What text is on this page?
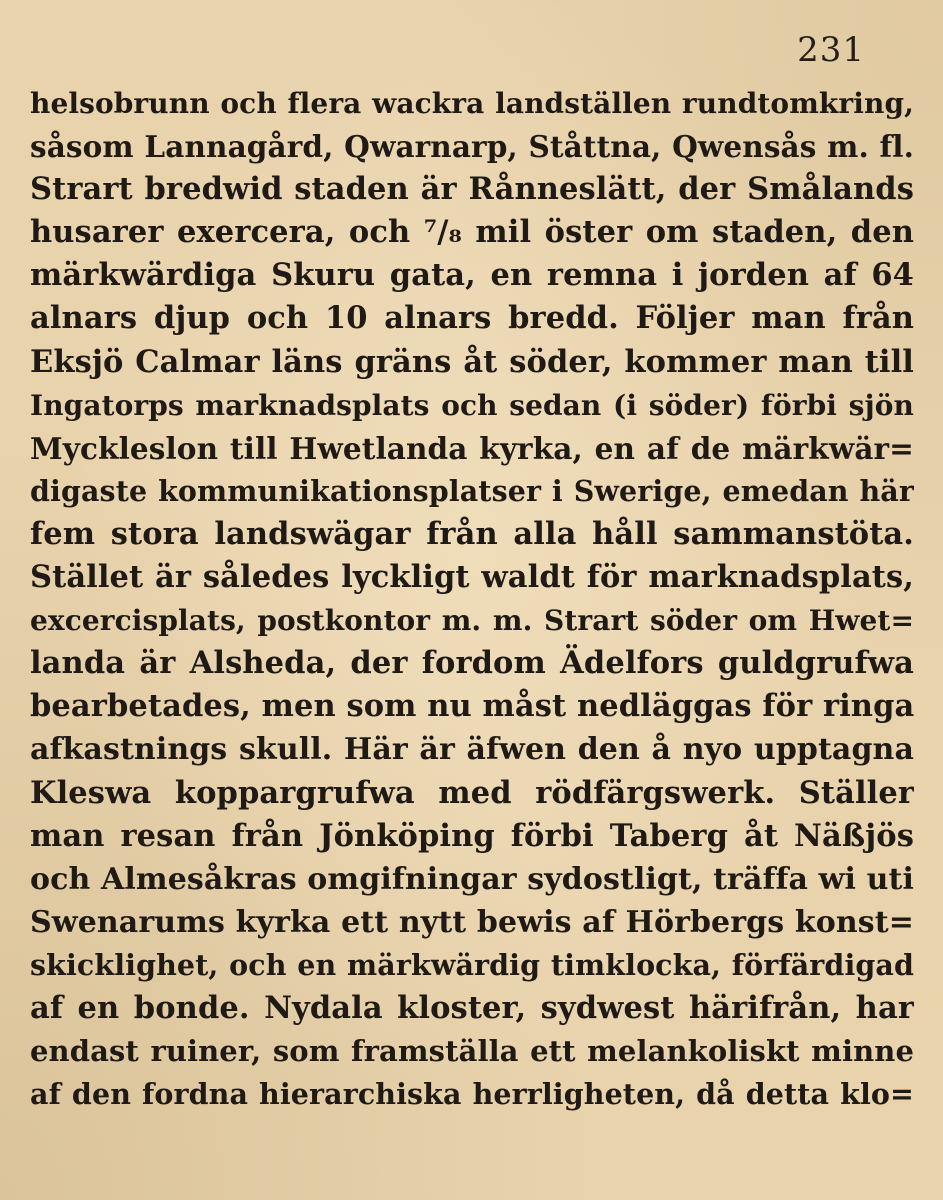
231
helsobrunn och flera wackra landställen rundtomkring,
såsom Lannagård, Qwarnarp, Ståttna, Qwensås m. fl.
Strart bredwid staden är Rånneslätt, der Smålands
husarer exercera, och ⁷/₈ mil öster om staden, den
märkwärdiga Skuru gata, en remna i jorden af 64
alnars djup och 10 alnars bredd. Följer man från
Eksjö Calmar läns gräns åt söder, kommer man till
Ingatorps marknadsplats och sedan (i söder) förbi sjön
Myckleslon till Hwetlanda kyrka, en af de märkwär=
digaste kommunikationsplatser i Swerige, emedan här
fem stora landswägar från alla håll sammanstöta.
Stället är således lyckligt waldt för marknadsplats,
excercisplats, postkontor m. m. Strart söder om Hwet=
landa är Alsheda, der fordom Ädelfors guldgrufwa
bearbetades, men som nu måst nedläggas för ringa
afkastnings skull. Här är äfwen den å nyo upptagna
Kleswa koppargrufwa med rödfärgswerk. Ställer
man resan från Jönköping förbi Taberg åt Näßjös
och Almesåkras omgifningar sydostligt, träffa wi uti
Swenarums kyrka ett nytt bewis af Hörbergs konst=
skicklighet, och en märkwärdig timklocka, förfärdigad
af en bonde. Nydala kloster, sydwest härifrån, har
endast ruiner, som framställa ett melankoliskt minne
af den fordna hierarchiska herrligheten, då detta klo=
